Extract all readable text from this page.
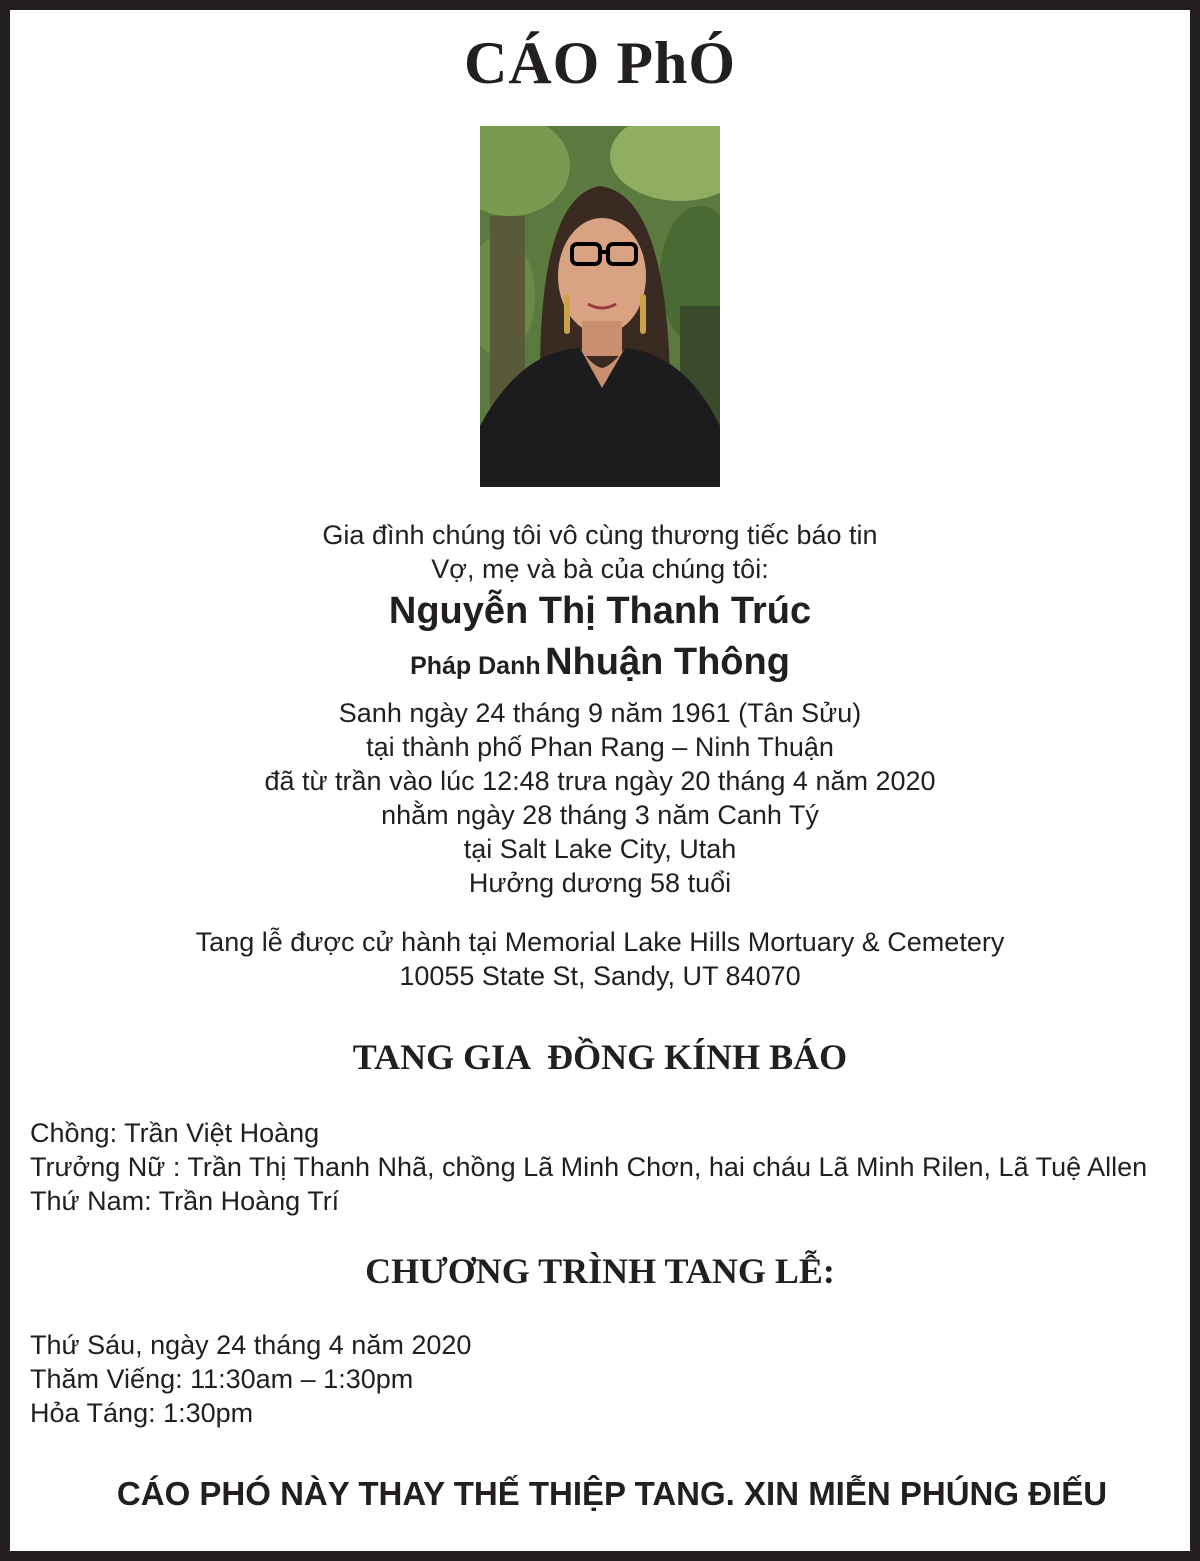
CÁO PhÓ
Gia đình chúng tôi vô cùng thương tiếc báo tin
Vợ, mẹ và bà của chúng tôi:
Nguyễn Thị Thanh Trúc
Pháp Danh Nhuận Thông
Sanh ngày 24 tháng 9 năm 1961 (Tân Sửu)
tại thành phố Phan Rang – Ninh Thuận
đã từ trần vào lúc 12:48 trưa ngày 20 tháng 4 năm 2020
nhằm ngày 28 tháng 3 năm Canh Tý
tại Salt Lake City, Utah
Hưởng dương 58 tuổi
Tang lễ được cử hành tại Memorial Lake Hills Mortuary & Cemetery
10055 State St, Sandy, UT 84070
TANG GIA  ĐỒNG KÍNH BÁO
Chồng: Trần Việt Hoàng
Trưởng Nữ : Trần Thị Thanh Nhã, chồng Lã Minh Chơn, hai cháu Lã Minh Rilen, Lã Tuệ Allen
Thứ Nam: Trần Hoàng Trí
CHƯƠNG TRÌNH TANG LỄ:
Thứ Sáu, ngày 24 tháng 4 năm 2020
Thăm Viếng: 11:30am – 1:30pm
Hỏa Táng: 1:30pm
CÁO PHÓ NÀY THAY THẾ THIỆP TANG. XIN MIỄN PHÚNG ĐIẾU
